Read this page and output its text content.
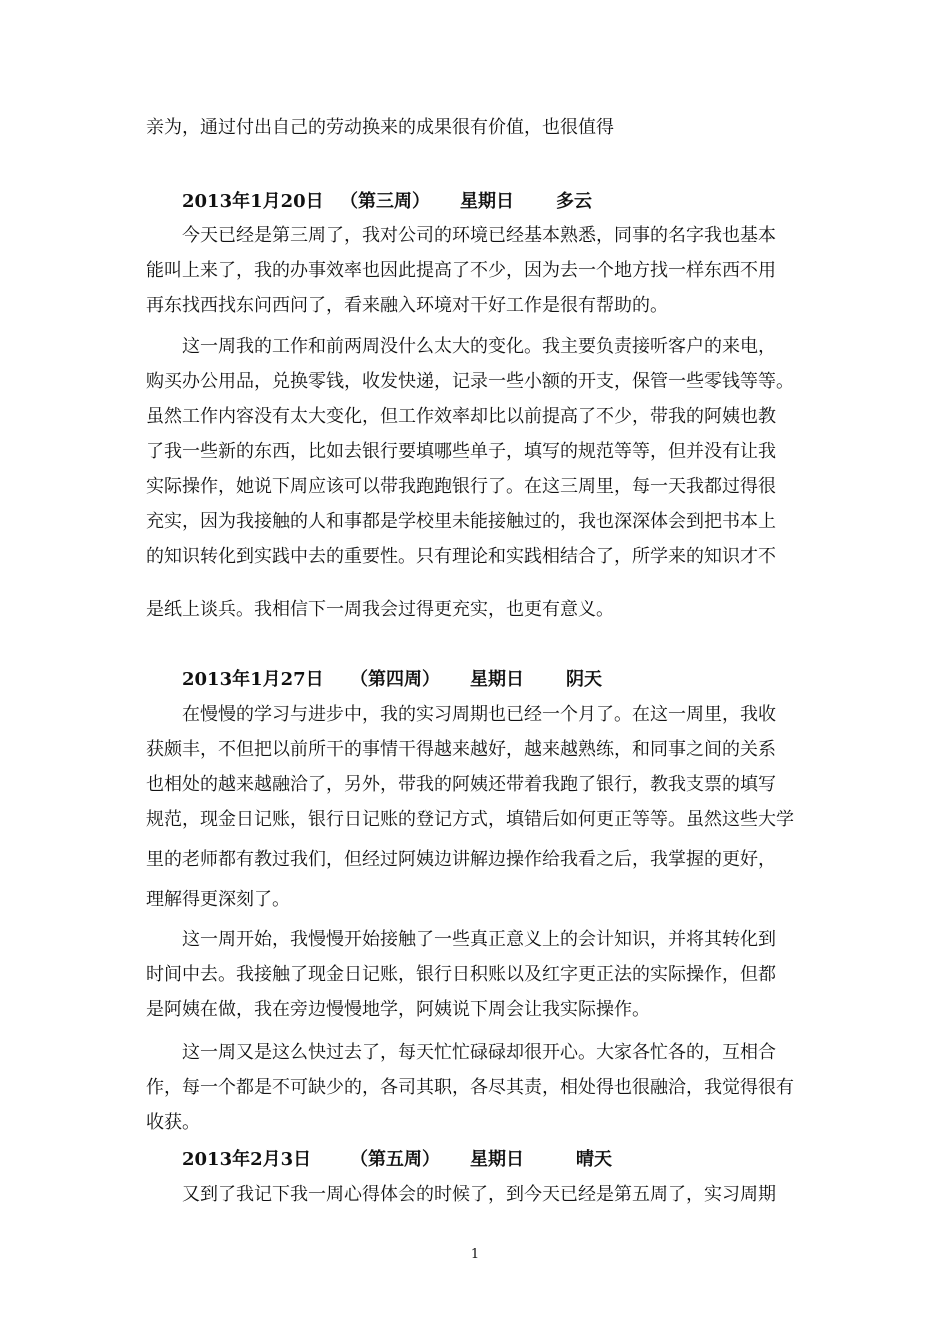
亲为，通过付出自己的劳动换来的成果很有价值，也很值得
2013年1月20日 （第三周） 星期日 多云
今天已经是第三周了，我对公司的环境已经基本熟悉，同事的名字我也基本
能叫上来了，我的办事效率也因此提高了不少，因为去一个地方找一样东西不用
再东找西找东问西问了，看来融入环境对干好工作是很有帮助的。
这一周我的工作和前两周没什么太大的变化。我主要负责接听客户的来电，
购买办公用品，兑换零钱，收发快递，记录一些小额的开支，保管一些零钱等等。
虽然工作内容没有太大变化，但工作效率却比以前提高了不少，带我的阿姨也教
了我一些新的东西，比如去银行要填哪些单子，填写的规范等等，但并没有让我
实际操作，她说下周应该可以带我跑跑银行了。在这三周里，每一天我都过得很
充实，因为我接触的人和事都是学校里未能接触过的，我也深深体会到把书本上
的知识转化到实践中去的重要性。只有理论和实践相结合了，所学来的知识才不
是纸上谈兵。我相信下一周我会过得更充实，也更有意义。
2013年1月27日 （第四周） 星期日 阴天
在慢慢的学习与进步中，我的实习周期也已经一个月了。在这一周里，我收
获颇丰，不但把以前所干的事情干得越来越好，越来越熟练，和同事之间的关系
也相处的越来越融洽了，另外，带我的阿姨还带着我跑了银行，教我支票的填写
规范，现金日记账，银行日记账的登记方式，填错后如何更正等等。虽然这些大学
里的老师都有教过我们，但经过阿姨边讲解边操作给我看之后，我掌握的更好，
理解得更深刻了。
这一周开始，我慢慢开始接触了一些真正意义上的会计知识，并将其转化到
时间中去。我接触了现金日记账，银行日积账以及红字更正法的实际操作，但都
是阿姨在做，我在旁边慢慢地学，阿姨说下周会让我实际操作。
这一周又是这么快过去了，每天忙忙碌碌却很开心。大家各忙各的，互相合
作，每一个都是不可缺少的，各司其职，各尽其责，相处得也很融洽，我觉得很有
收获。
2013年2月3日 （第五周） 星期日	晴天
又到了我记下我一周心得体会的时候了，到今天已经是第五周了，实习周期
1
